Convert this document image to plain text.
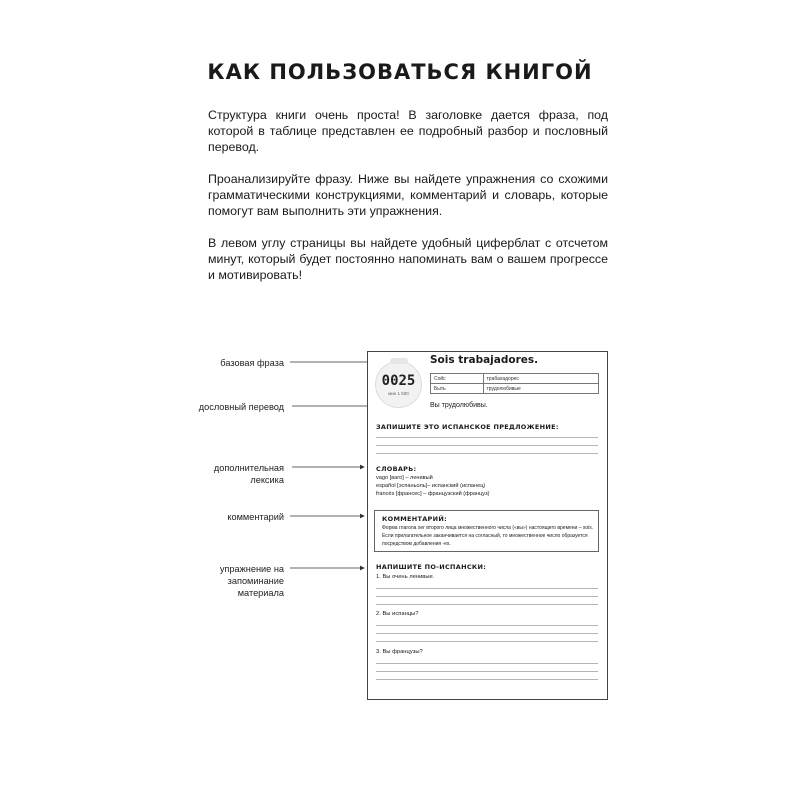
КАК ПОЛЬЗОВАТЬСЯ КНИГОЙ

Структура книги очень проста! В заголовке дается фраза, под которой в таблице представлен ее подробный разбор и пословный перевод.

Проанализируйте фразу. Ниже вы найдете упражнения со схожими грамматическими конструкциями, комментарий и словарь, которые помогут вам выполнить эти упражнения.

В левом углу страницы вы найдете удобный циферблат с отсчетом минут, который будет постоянно напоминать вам о вашем прогрессе и мотивировать!

базовая фраза
дословный перевод
дополнительная лексика
комментарий
упражнение на запоминание материала
0025
мин 1 500
Sois trabajadores.
Сойс	трабахадорес
Быть	трудолюбивые
Вы трудолюбивы.
ЗАПИШИТЕ ЭТО ИСПАНСКОЕ ПРЕДЛОЖЕНИЕ:
СЛОВАРЬ:
vago [ваго] – ленивый
español [эспаньоль]– испанский (испанец)
francés [франсес] – французский (француз)
КОММЕНТАРИЙ:
Форма глагола ser второго лица множественного числа («вы») настоящего времени – sois. Если прилагательное заканчивается на согласный, то множественное число образуется посредством добавления -es.
НАПИШИТЕ ПО-ИСПАНСКИ:
1. Вы очень ленивые.
2. Вы испанцы?
3. Вы французы?
